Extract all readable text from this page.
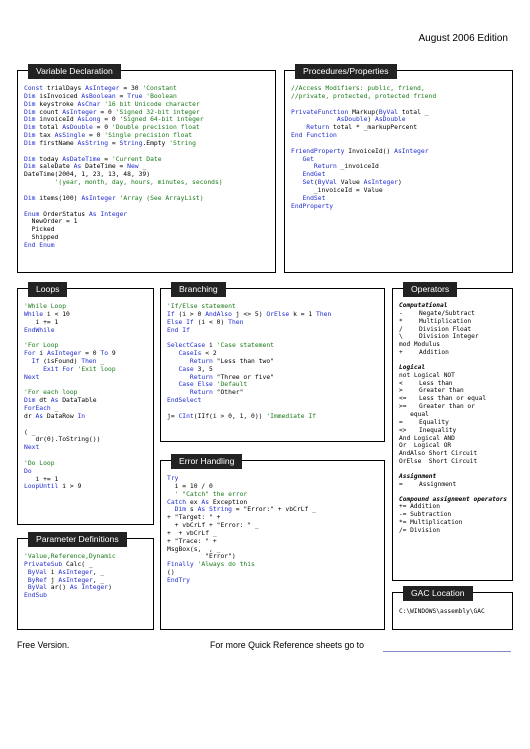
August 2006 Edition
Variable Declaration
Const trialDays AsInteger = 30 'Constant
Dim isInvoiced AsBoolean = True 'Boolean
Dim keystroke AsChar '16 bit Unicode character
Dim count AsInteger = 0 'Signed 32-bit integer
Dim invoiceId AsLong = 0 'Signed 64-bit integer
Dim total AsDouble = 0 'Double precision float
Dim tax AsSingle = 0 'Single precision float
Dim firstName AsString = String.Empty 'String
Dim today AsDateTime = 'Current Date
Dim saleDate As DateTime = New _
DateTime(2004, 1, 23, 13, 48, 39)
'(year, month, day, hours, minutes, seconds)
Dim items(100) AsInteger 'Array (See ArrayList)
Enum OrderStatus As Integer
NewOrder = 1
Picked
Shipped
End Enum
Procedures/Properties
//Access Modifiers: public, friend,
//private, protected, protected friend
PrivateFunction Markup(ByVal total _
AsDouble) AsDouble
Return total * _markupPercent
End Function
FriendProperty InvoiceId() AsInteger
Get
Return _invoiceId
EndGet
Set(ByVal Value AsInteger)
_invoiceId = Value
EndSet
EndProperty
Loops
'While Loop
While i < 10
i += 1
EndWhile
'For Loop
For i AsInteger = 0 To 9
If (isFound) Then _
Exit For 'Exit loop
Next
'For each loop
Dim dt As DataTable
ForEach _
dr As DataRow In
( _
dr(0).ToString())
Next
'Do Loop
Do
i += 1
LoopUntil i > 9
Branching
'If/Else statement
If (i > 0 AndAlso j <> 5) OrElse k = 1 Then
Else If (i < 0) Then
End If
SelectCase i 'Case statement
CaseIs < 2
Return "Less than two"
Case 3, 5
Return "Three or five"
Case Else 'Default
Return "Other"
EndSelect
j= CInt(IIf(i > 0, 1, 0)) 'Immediate If
Error Handling
Try
i = 10 / 0
' "Catch" the error
Catch ex As Exception
Dim s As String = "Error:" + vbCrLf _
+ "Target: " +
+ vbCrLf + "Error: " _
+  + vbCrLf _
+ "Trace: " +
MsgBox(s,  , _
"Error")
Finally 'Always do this
()
EndTry
Parameter Definitions
'Value,Reference,Dynamic
PrivateSub Calc( _
ByVal i AsInteger, _
ByRef j AsInteger, _
ByVal ar() As Integer)
EndSub
Operators
Computational
-	Negate/Subtract
*	Multiplication
/	Division Float
\	Division Integer
mod Modulus
+	Addition
Logical
not Logical NOT
<	Less than
>	Greater than
<= Less than or equal
>= Greater than or
equal
=	Equality
<> Inequality
And Logical AND
Or  Logical OR
AndAlso Short Circuit
OrElse  Short Circuit
Assignment
=	Assignment
Compound assignment operators
+= Addition
-= Subtraction
*= Multiplication
/= Division
GAC Location
C:\WINDOWS\assembly\GAC
Free Version.	For more Quick Reference sheets go to
